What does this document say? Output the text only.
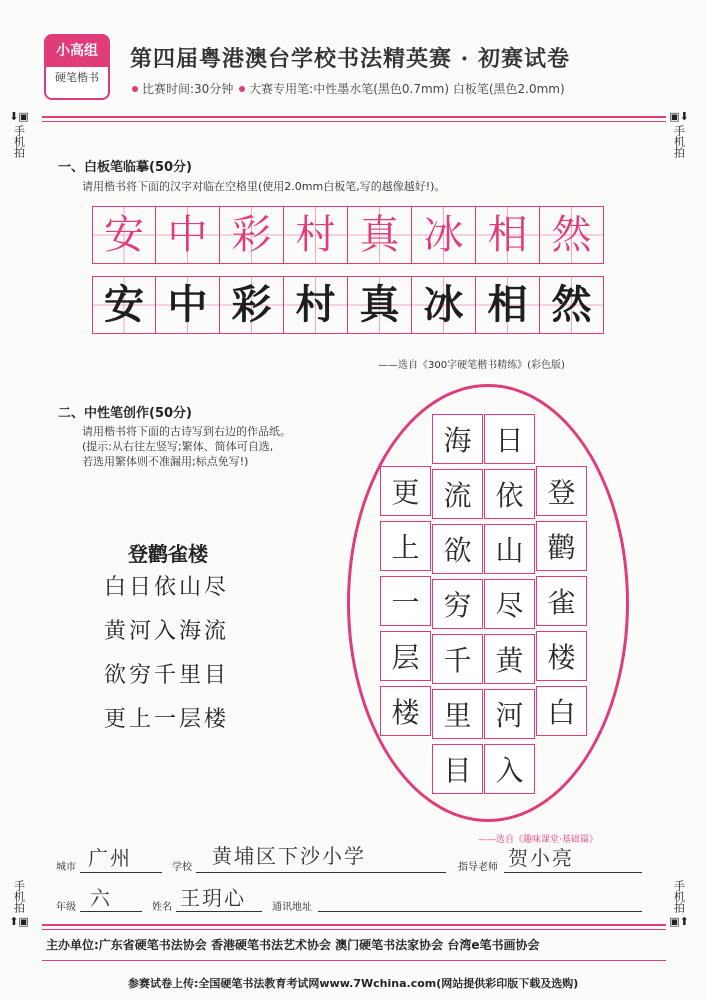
小高组
硬笔楷书
第四届粤港澳台学校书法精英赛 · 初赛试卷
比赛时间:30分钟 大赛专用笔:中性墨水笔(黑色0.7mm) 白板笔(黑色2.0mm)
⬇▣
手机拍
▣⬇
手机拍
手机拍
⬆▣
手机拍
▣⬆
一、白板笔临摹(50分)
请用楷书将下面的汉字对临在空格里(使用2.0mm白板笔,写的越像越好!)。
安 中 彩 村 真 冰 相 然
安 中 彩 村 真 冰 相 然
——选自《300字硬笔楷书精练》(彩色版)
二、中性笔创作(50分)
请用楷书将下面的古诗写到右边的作品纸。
(提示:从右往左竖写;繁体、简体可自选,
若选用繁体则不准漏用;标点免写!)
登鹳雀楼
白日依山尽
黄河入海流
欲穷千里目
更上一层楼
登
鹳
雀
楼
白
日
依
山
尽
黄
河
入
海
流
欲
穷
千
里
目
更
上
一
层
楼
——选自《趣味课堂·基础篇》
城市 广州	学校 黄埔区下沙小学	指导老师 贺小亮
年级 六	姓名 王玥心	通讯地址
主办单位:广东省硬笔书法协会 香港硬笔书法艺术协会 澳门硬笔书法家协会 台湾e笔书画协会
参赛试卷上传:全国硬笔书法教育考试网www.7Wchina.com(网站提供彩印版下载及选购)
